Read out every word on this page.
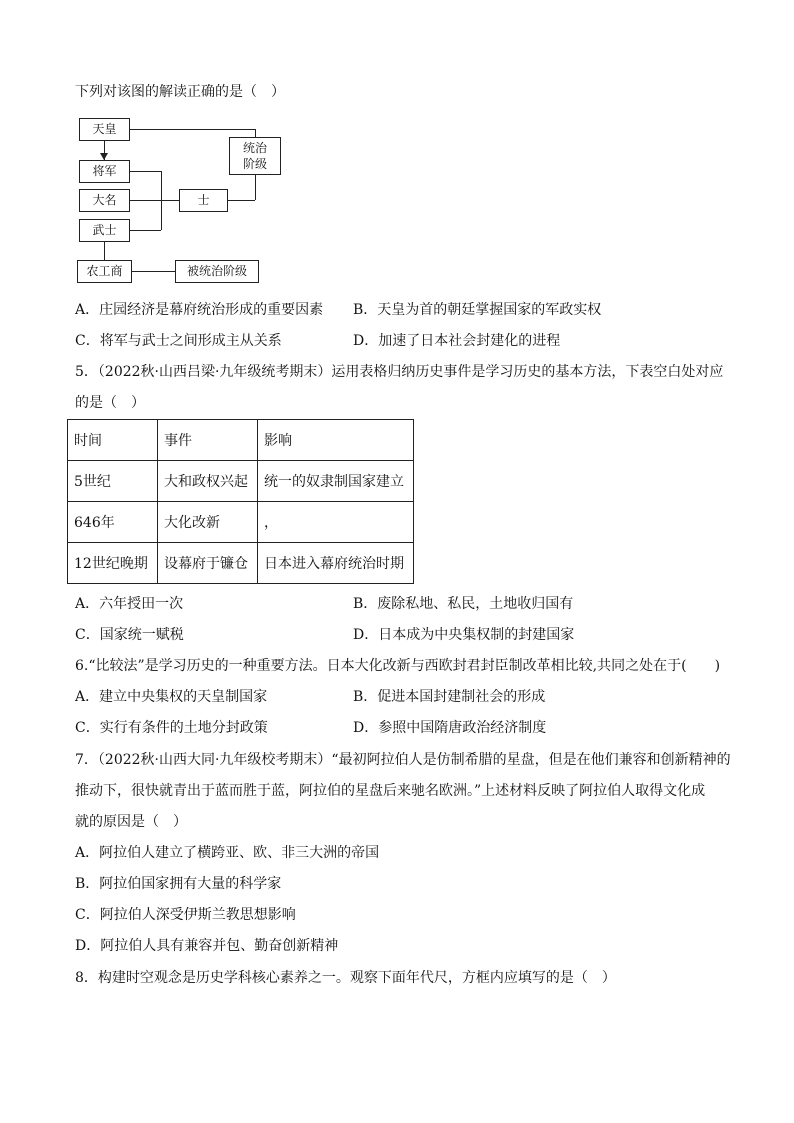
下列对该图的解读正确的是（　）
天皇
将军
大名
武士
统治
阶级
士
农工商	被统治阶级
A．庄园经济是幕府统治形成的重要因素 B．天皇为首的朝廷掌握国家的军政实权
C．将军与武士之间形成主从关系	D．加速了日本社会封建化的进程
5．（2022秋·山西吕梁·九年级统考期末）运用表格归纳历史事件是学习历史的基本方法，下表空白处对应
的是（　）
时间	事件	影响
5世纪	大和政权兴起	统一的奴隶制国家建立
646年	大化改新	，
12世纪晚期	设幕府于镰仓	日本进入幕府统治时期
A．六年授田一次	B．废除私地、私民，土地收归国有
C．国家统一赋税	D．日本成为中央集权制的封建国家
6.“比较法”是学习历史的一种重要方法。日本大化改新与西欧封君封臣制改革相比较,共同之处在于(　　)
A．建立中央集权的天皇制国家	B．促进本国封建制社会的形成
C．实行有条件的土地分封政策	D．参照中国隋唐政治经济制度
7．（2022秋·山西大同·九年级校考期末）“最初阿拉伯人是仿制希腊的星盘，但是在他们兼容和创新精神的
推动下，很快就青出于蓝而胜于蓝，阿拉伯的星盘后来驰名欧洲。”上述材料反映了阿拉伯人取得文化成
就的原因是（　）
A．阿拉伯人建立了横跨亚、欧、非三大洲的帝国
B．阿拉伯国家拥有大量的科学家
C．阿拉伯人深受伊斯兰教思想影响
D．阿拉伯人具有兼容并包、勤奋创新精神
8．构建时空观念是历史学科核心素养之一。观察下面年代尺，方框内应填写的是（　）
